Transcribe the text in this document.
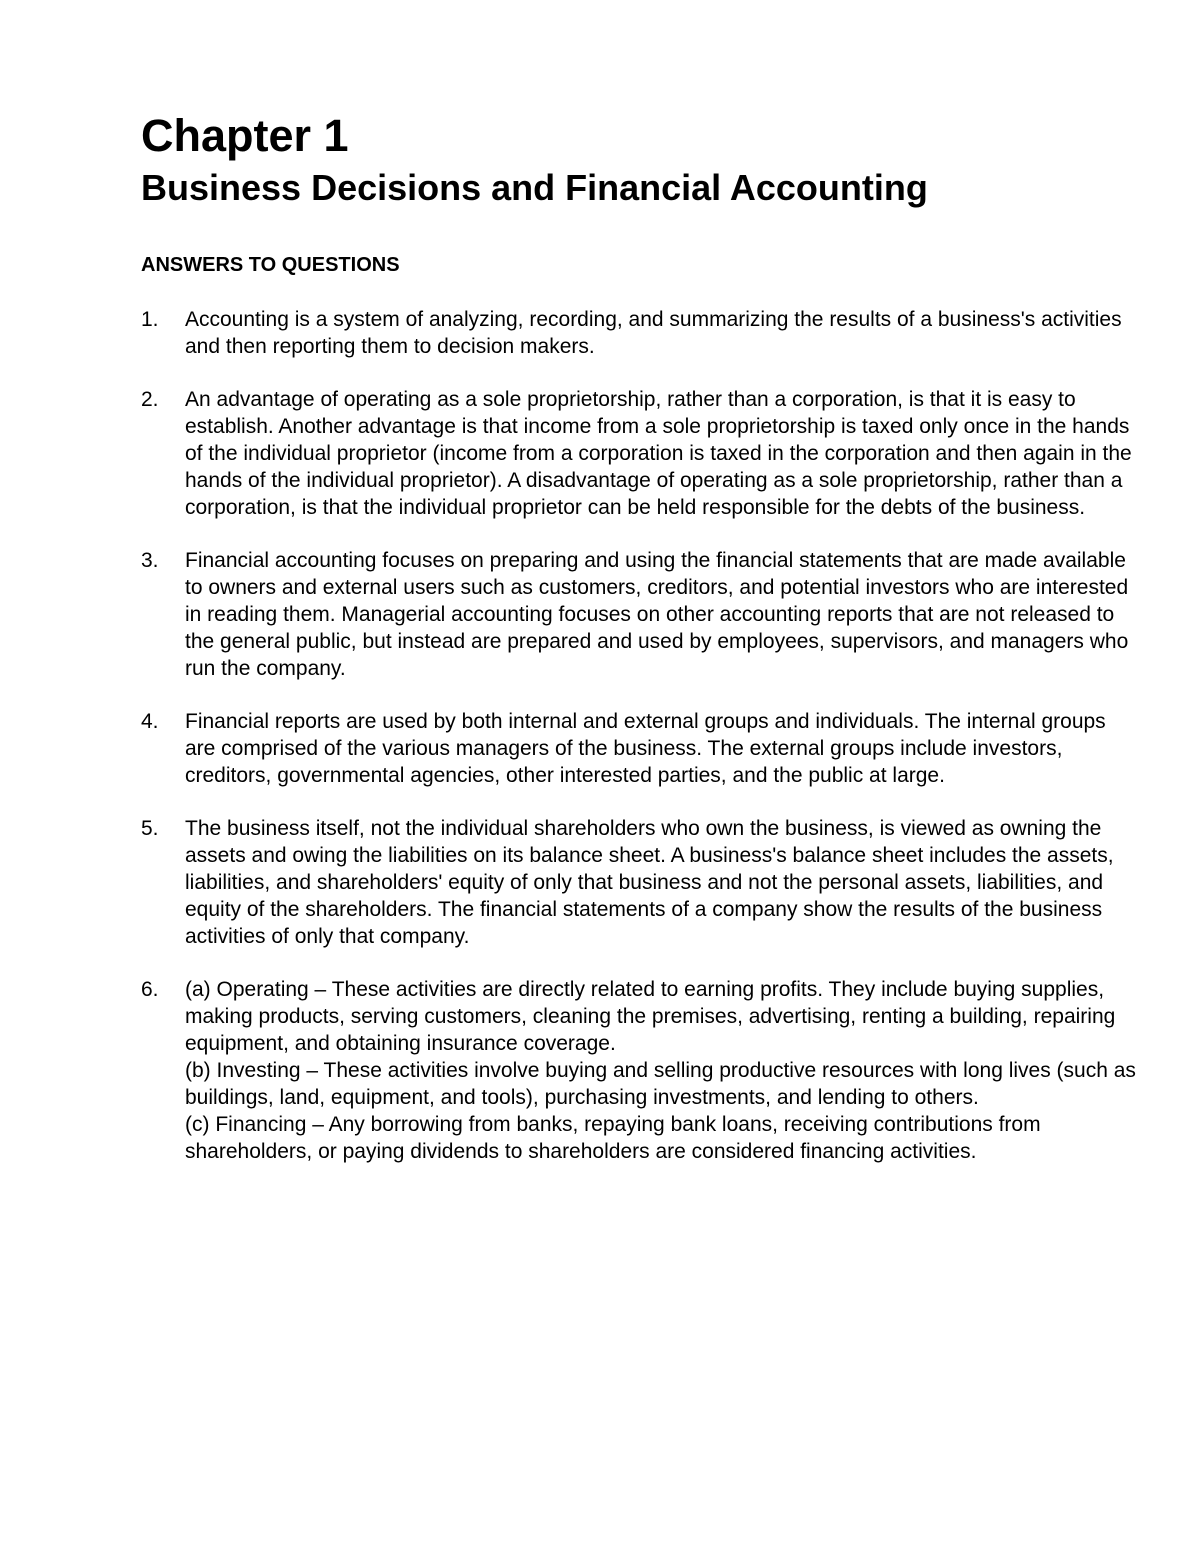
Chapter 1
Business Decisions and Financial Accounting
ANSWERS TO QUESTIONS
1.	Accounting is a system of analyzing, recording, and summarizing the results of a business's activities and then reporting them to decision makers.
2.	An advantage of operating as a sole proprietorship, rather than a corporation, is that it is easy to establish. Another advantage is that income from a sole proprietorship is taxed only once in the hands of the individual proprietor (income from a corporation is taxed in the corporation and then again in the hands of the individual proprietor). A disadvantage of operating as a sole proprietorship, rather than a corporation, is that the individual proprietor can be held responsible for the debts of the business.
3.	Financial accounting focuses on preparing and using the financial statements that are made available to owners and external users such as customers, creditors, and potential investors who are interested in reading them. Managerial accounting focuses on other accounting reports that are not released to the general public, but instead are prepared and used by employees, supervisors, and managers who run the company.
4.	Financial reports are used by both internal and external groups and individuals. The internal groups are comprised of the various managers of the business. The external groups include investors, creditors, governmental agencies, other interested parties, and the public at large.
5.	The business itself, not the individual shareholders who own the business, is viewed as owning the assets and owing the liabilities on its balance sheet. A business's balance sheet includes the assets, liabilities, and shareholders' equity of only that business and not the personal assets, liabilities, and equity of the shareholders. The financial statements of a company show the results of the business activities of only that company.
6.	(a) Operating – These activities are directly related to earning profits. They include buying supplies, making products, serving customers, cleaning the premises, advertising, renting a building, repairing equipment, and obtaining insurance coverage.
(b) Investing – These activities involve buying and selling productive resources with long lives (such as buildings, land, equipment, and tools), purchasing investments, and lending to others.
(c) Financing – Any borrowing from banks, repaying bank loans, receiving contributions from shareholders, or paying dividends to shareholders are considered financing activities.
